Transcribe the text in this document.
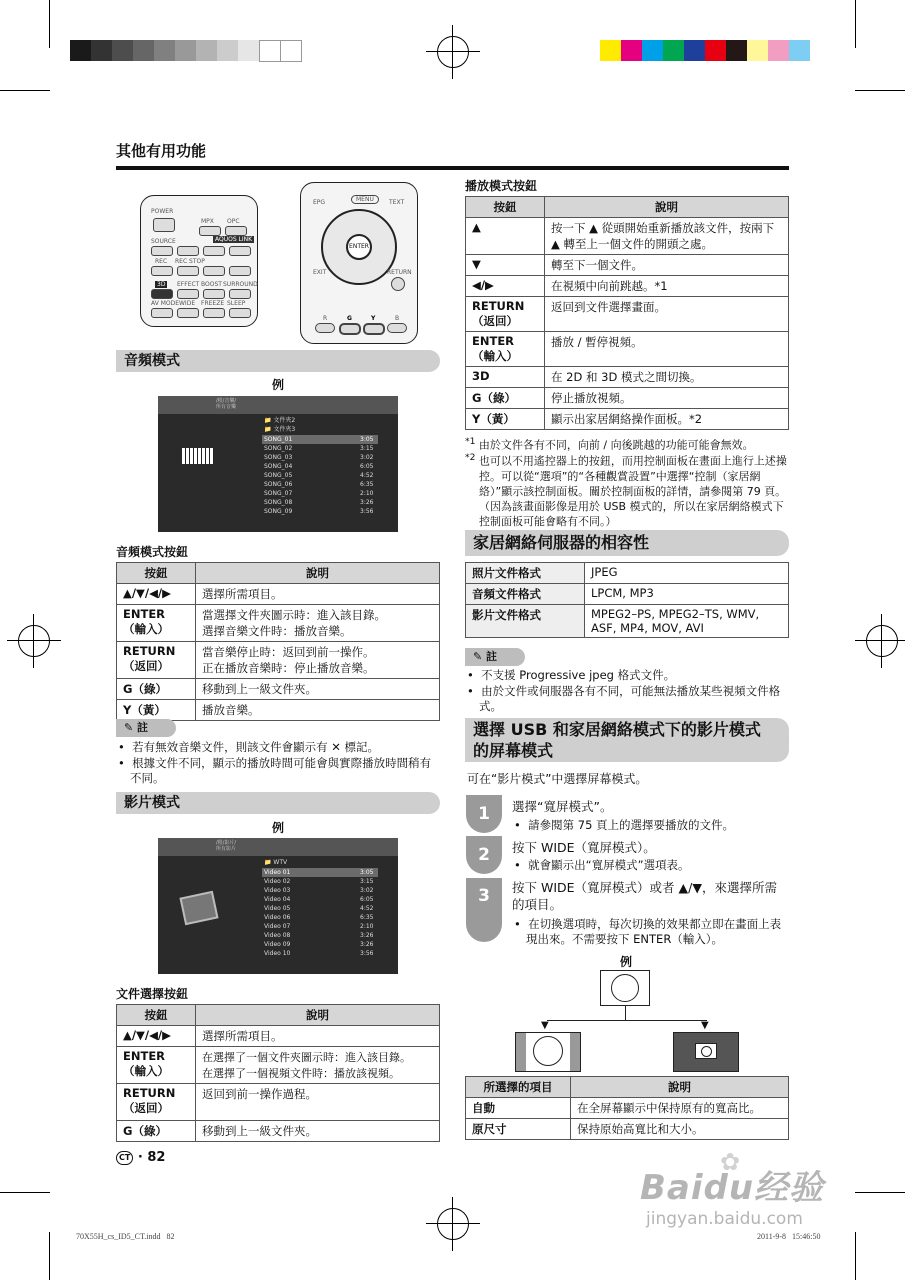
其他有用功能
POWER
MPX OPC
SOURCE	AQUOS LINK
REC REC STOP
3D	EFFECT BOOST SURROUND
AV MODE WIDE FREEZE SLEEP
EPG	MENU	TEXT
ENTER
EXIT	RETURN
R	G	Y	B
音頻模式
例
/根/音樂/
所有音樂
📁 文件夾2
📁 文件夾3
SONG_01	3:05
SONG_02	3:15
SONG_03	3:02
SONG_04	6:05
SONG_05	4:52
SONG_06	6:35
SONG_07	2:10
SONG_08	3:26
SONG_09	3:56
音頻模式按鈕
按鈕	說明
▲/▼/◀/▶	選擇所需項目。
ENTER
（輸入）	當選擇文件夾圖示時：進入該目錄。
選擇音樂文件時：播放音樂。
RETURN
（返回）	當音樂停止時：返回到前一操作。
正在播放音樂時：停止播放音樂。
G（綠）	移動到上一級文件夾。
Y（黃）	播放音樂。
✎ 註
•  若有無效音樂文件，則該文件會顯示有 ✕ 標記。
•  根據文件不同，顯示的播放時間可能會與實際播放時間稍有不同。
影片模式
例
/根/影片/
所有影片
📁 WTV
Video 01	3:05
Video 02	3:15
Video 03	3:02
Video 04	6:05
Video 05	4:52
Video 06	6:35
Video 07	2:10
Video 08	3:26
Video 09	3:26
Video 10	3:56
文件選擇按鈕
按鈕	說明
▲/▼/◀/▶	選擇所需項目。
ENTER
（輸入）	在選擇了一個文件夾圖示時：進入該目錄。
在選擇了一個視頻文件時：播放該視頻。
RETURN
（返回）	返回到前一操作過程。
G（綠）	移動到上一級文件夾。
播放模式按鈕
按鈕	說明
▲	按一下 ▲ 從頭開始重新播放該文件，按兩下 ▲ 轉至上一個文件的開頭之處。
▼	轉至下一個文件。
◀/▶	在視頻中向前跳越。*1
RETURN
（返回）	返回到文件選擇畫面。
ENTER
（輸入）	播放 / 暫停視頻。
3D	在 2D 和 3D 模式之間切換。
G（綠）	停止播放視頻。
Y（黃）	顯示出家居網絡操作面板。*2
$^{*1}$ 由於文件各有不同，向前 / 向後跳越的功能可能會無效。
$^{*2}$ 也可以不用遙控器上的按鈕，而用控制面板在畫面上進行上述操控。可以從“選項”的“各種觀賞設置”中選擇“控制（家居網絡）”顯示該控制面板。關於控制面板的詳情，請參閱第 79 頁。（因為該畫面影像是用於 USB 模式的，所以在家居網絡模式下控制面板可能會略有不同。）
家居網絡伺服器的相容性
照片文件格式	JPEG
音頻文件格式	LPCM, MP3
影片文件格式	MPEG2–PS, MPEG2–TS, WMV, ASF, MP4, MOV, AVI
✎ 註
•  不支援 Progressive jpeg 格式文件。
•  由於文件或伺服器各有不同，可能無法播放某些視頻文件格式。
選擇 USB 和家居網絡模式下的影片模式的屏幕模式
可在“影片模式”中選擇屏幕模式。
1	選擇“寬屏模式”。
•  請參閱第 75 頁上的選擇要播放的文件。
2	按下 WIDE（寬屏模式）。
•  就會顯示出“寬屏模式”選項表。
3	按下 WIDE（寬屏模式）或者 ▲/▼，來選擇所需的項目。
•  在切換選項時，每次切換的效果都立即在畫面上表現出來。不需要按下 ENTER（輸入）。
例
▼	▼
所選擇的項目	說明
自動	在全屏幕顯示中保持原有的寬高比。
原尺寸	保持原始高寬比和大小。
CT · 82
70X55H_cs_ID5_CT.indd   82	2011-9-8   15:46:50
✿
Baidu经验
jingyan.baidu.com
